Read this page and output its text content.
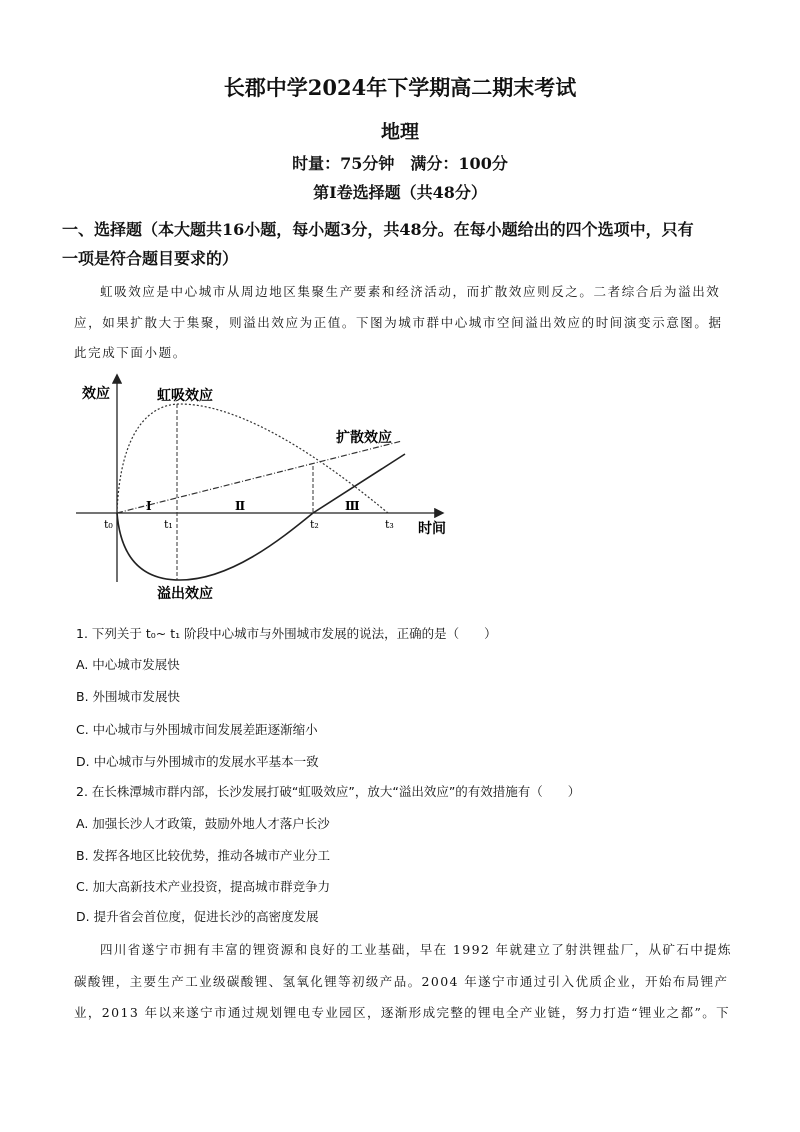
长郡中学2024年下学期高二期末考试
地理
时量：75分钟　满分：100分
第Ⅰ卷选择题（共48分）
一、选择题（本大题共16小题，每小题3分，共48分。在每小题给出的四个选项中，只有
一项是符合题目要求的）
虹吸效应是中心城市从周边地区集聚生产要素和经济活动，而扩散效应则反之。二者综合后为溢出效
应，如果扩散大于集聚，则溢出效应为正值。下图为城市群中心城市空间溢出效应的时间演变示意图。据
此完成下面小题。
效应	虹吸效应
扩散效应
溢出效应
时间
t₀	t₁	t₂	t₃
Ⅰ	Ⅱ	Ⅲ
1. 下列关于 t₀~ t₁ 阶段中心城市与外围城市发展的说法，正确的是（　　）
A. 中心城市发展快
B. 外围城市发展快
C. 中心城市与外围城市间发展差距逐渐缩小
D. 中心城市与外围城市的发展水平基本一致
2. 在长株潭城市群内部，长沙发展打破“虹吸效应”，放大“溢出效应”的有效措施有（　　）
A. 加强长沙人才政策，鼓励外地人才落户长沙
B. 发挥各地区比较优势，推动各城市产业分工
C. 加大高新技术产业投资，提高城市群竞争力
D. 提升省会首位度，促进长沙的高密度发展
四川省遂宁市拥有丰富的锂资源和良好的工业基础，早在 1992 年就建立了射洪锂盐厂，从矿石中提炼
碳酸锂，主要生产工业级碳酸锂、氢氧化锂等初级产品。2004 年遂宁市通过引入优质企业，开始布局锂产
业，2013 年以来遂宁市通过规划锂电专业园区，逐渐形成完整的锂电全产业链，努力打造“锂业之都”。下
